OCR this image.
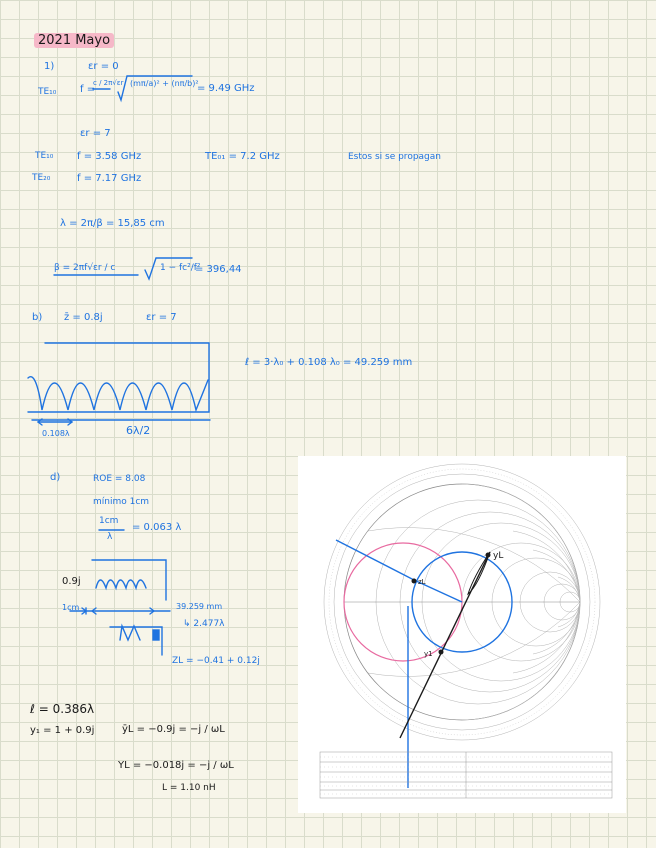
2021 Mayo
1)	εr = 0
TE₁₀ f =
c / 2π√εr (mπ/a)² + (nπ/b)²
= 9.49 GHz
εr = 7
TE₁₀ f = 3.58 GHz	TE₀₁ = 7.2 GHz	Estos si se propagan
TE₂₀	f = 7.17 GHz
λ = 2π/β = 15,85 cm
β = 2πf√εr / c	1 − fc²/f²
= 396,44
b) z̄ = 0.8j	εr = 7
ℓ = 3·λ₀ + 0.108 λ₀ = 49.259 mm
0.108λ	6λ/2
d)	ROE = 8.08
mínimo 1cm
1cm
λ
= 0.063 λ
0.9j
1cm	39.259 mm
↳ 2.477λ
ZL = −0.41 + 0.12j
ℓ = 0.386λ
y₁ = 1 + 0.9j	ȳL = −0.9j = −j / ωL
YL = −0.018j = −j / ωL
L = 1.10 nH
yL
zL
y1
